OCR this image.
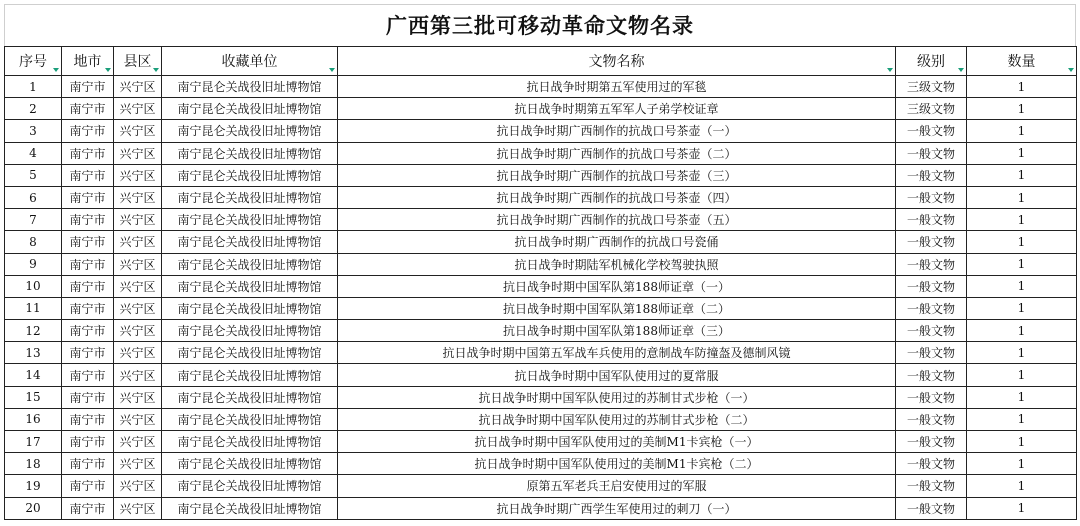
广西第三批可移动革命文物名录
序号	地市	县区	收藏单位	文物名称	级别	数量

1	南宁市	兴宁区	南宁昆仑关战役旧址博物馆	抗日战争时期第五军使用过的军毯	三级文物	1
2	南宁市	兴宁区	南宁昆仑关战役旧址博物馆	抗日战争时期第五军军人子弟学校证章	三级文物	1
3	南宁市	兴宁区	南宁昆仑关战役旧址博物馆	抗日战争时期广西制作的抗战口号茶壶（一）	一般文物	1
4	南宁市	兴宁区	南宁昆仑关战役旧址博物馆	抗日战争时期广西制作的抗战口号茶壶（二）	一般文物	1
5	南宁市	兴宁区	南宁昆仑关战役旧址博物馆	抗日战争时期广西制作的抗战口号茶壶（三）	一般文物	1
6	南宁市	兴宁区	南宁昆仑关战役旧址博物馆	抗日战争时期广西制作的抗战口号茶壶（四）	一般文物	1
7	南宁市	兴宁区	南宁昆仑关战役旧址博物馆	抗日战争时期广西制作的抗战口号茶壶（五）	一般文物	1
8	南宁市	兴宁区	南宁昆仑关战役旧址博物馆	抗日战争时期广西制作的抗战口号瓷俑	一般文物	1
9	南宁市	兴宁区	南宁昆仑关战役旧址博物馆	抗日战争时期陆军机械化学校驾驶执照	一般文物	1
10	南宁市	兴宁区	南宁昆仑关战役旧址博物馆	抗日战争时期中国军队第188师证章（一）	一般文物	1
11	南宁市	兴宁区	南宁昆仑关战役旧址博物馆	抗日战争时期中国军队第188师证章（二）	一般文物	1
12	南宁市	兴宁区	南宁昆仑关战役旧址博物馆	抗日战争时期中国军队第188师证章（三）	一般文物	1
13	南宁市	兴宁区	南宁昆仑关战役旧址博物馆	抗日战争时期中国第五军战车兵使用的意制战车防撞盔及德制风镜	一般文物	1
14	南宁市	兴宁区	南宁昆仑关战役旧址博物馆	抗日战争时期中国军队使用过的夏常服	一般文物	1
15	南宁市	兴宁区	南宁昆仑关战役旧址博物馆	抗日战争时期中国军队使用过的苏制甘式步枪（一）	一般文物	1
16	南宁市	兴宁区	南宁昆仑关战役旧址博物馆	抗日战争时期中国军队使用过的苏制甘式步枪（二）	一般文物	1
17	南宁市	兴宁区	南宁昆仑关战役旧址博物馆	抗日战争时期中国军队使用过的美制M1卡宾枪（一）	一般文物	1
18	南宁市	兴宁区	南宁昆仑关战役旧址博物馆	抗日战争时期中国军队使用过的美制M1卡宾枪（二）	一般文物	1
19	南宁市	兴宁区	南宁昆仑关战役旧址博物馆	原第五军老兵王启安使用过的军服	一般文物	1
20	南宁市	兴宁区	南宁昆仑关战役旧址博物馆	抗日战争时期广西学生军使用过的刺刀（一）	一般文物	1
